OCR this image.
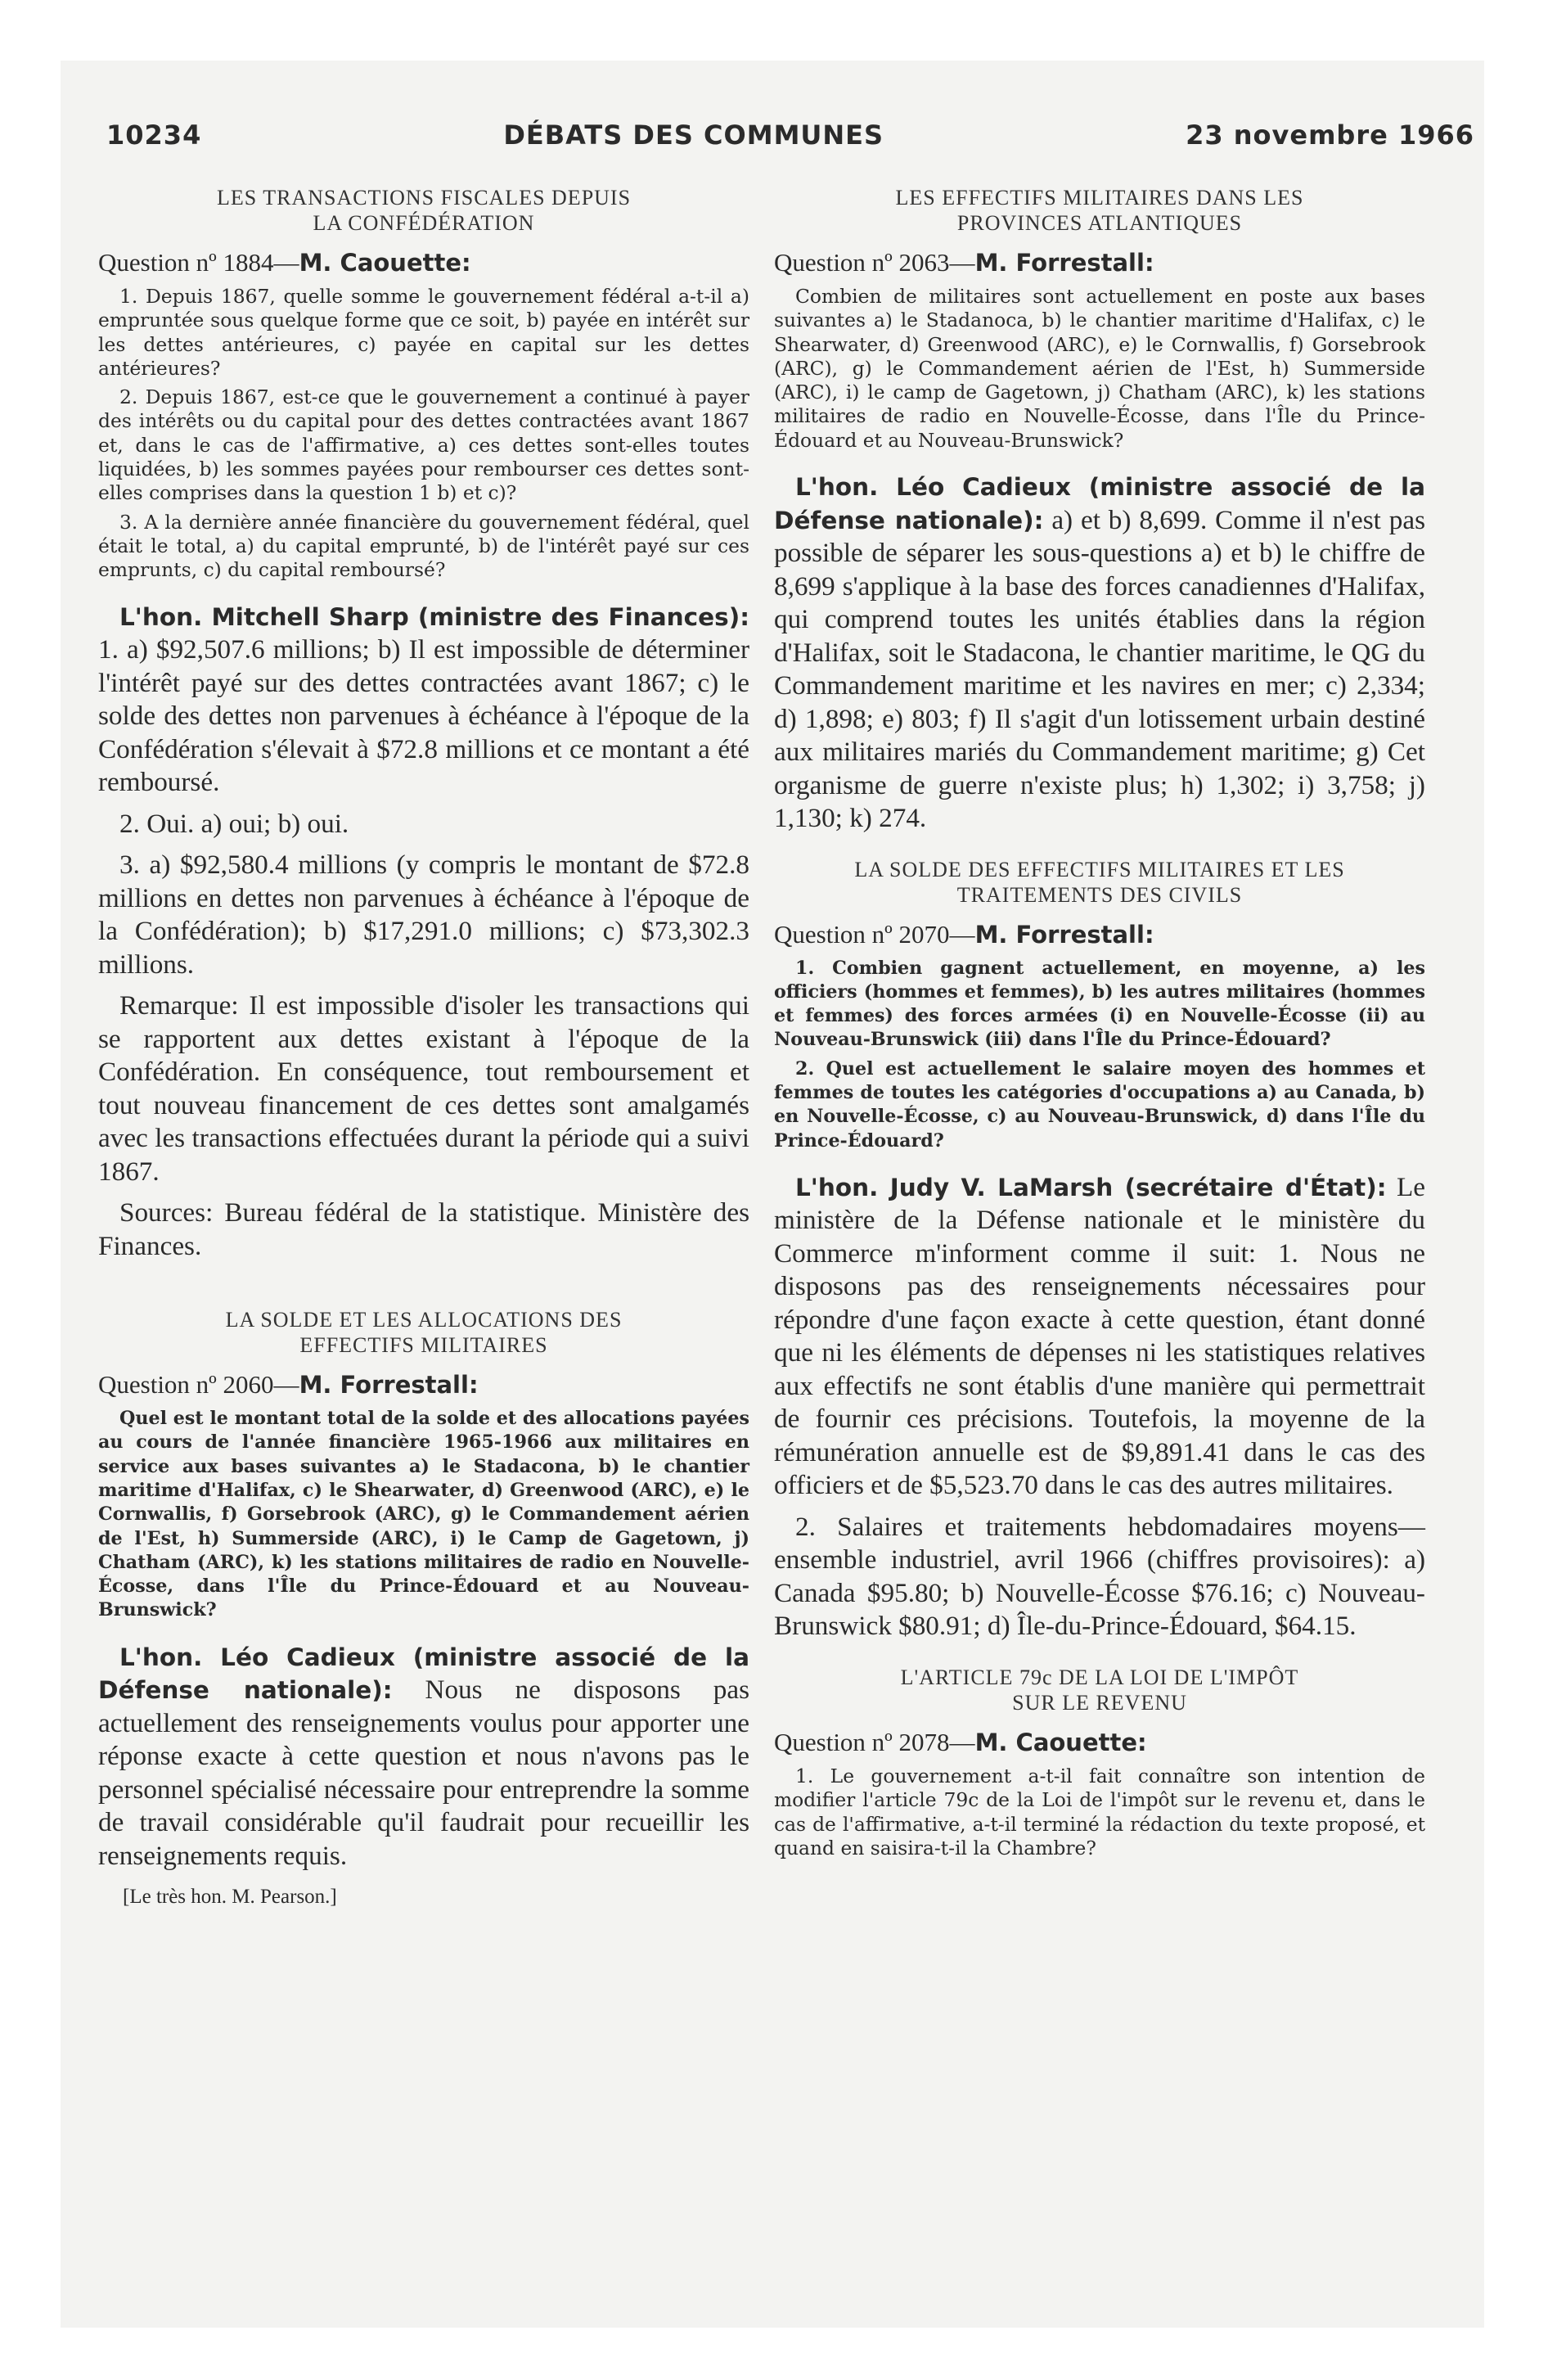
10234	DÉBATS DES COMMUNES	23 novembre 1966
LES TRANSACTIONS FISCALES DEPUIS
LA CONFÉDÉRATION
Question nº 1884—M. Caouette:

1. Depuis 1867, quelle somme le gouvernement fédéral a-t-il a) empruntée sous quelque forme que ce soit, b) payée en intérêt sur les dettes antérieures, c) payée en capital sur les dettes antérieures?

2. Depuis 1867, est-ce que le gouvernement a continué à payer des intérêts ou du capital pour des dettes contractées avant 1867 et, dans le cas de l'affirmative, a) ces dettes sont-elles toutes liquidées, b) les sommes payées pour rembourser ces dettes sont-elles comprises dans la question 1 b) et c)?

3. A la dernière année financière du gouvernement fédéral, quel était le total, a) du capital emprunté, b) de l'intérêt payé sur ces emprunts, c) du capital remboursé?

L'hon. Mitchell Sharp (ministre des Finances): 1. a) $92,507.6 millions; b) Il est impossible de déterminer l'intérêt payé sur des dettes contractées avant 1867; c) le solde des dettes non parvenues à échéance à l'époque de la Confédération s'élevait à $72.8 millions et ce montant a été remboursé.

2. Oui. a) oui; b) oui.

3. a) $92,580.4 millions (y compris le montant de $72.8 millions en dettes non parvenues à échéance à l'époque de la Confédération); b) $17,291.0 millions; c) $73,302.3 millions.

Remarque: Il est impossible d'isoler les transactions qui se rapportent aux dettes existant à l'époque de la Confédération. En conséquence, tout remboursement et tout nouveau financement de ces dettes sont amalgamés avec les transactions effectuées durant la période qui a suivi 1867.

Sources: Bureau fédéral de la statistique. Ministère des Finances.

LA SOLDE ET LES ALLOCATIONS DES
EFFECTIFS MILITAIRES
Question nº 2060—M. Forrestall:

Quel est le montant total de la solde et des allocations payées au cours de l'année financière 1965-1966 aux militaires en service aux bases suivantes a) le Stadacona, b) le chantier maritime d'Halifax, c) le Shearwater, d) Greenwood (ARC), e) le Cornwallis, f) Gorsebrook (ARC), g) le Commandement aérien de l'Est, h) Summerside (ARC), i) le Camp de Gagetown, j) Chatham (ARC), k) les stations militaires de radio en Nouvelle-Écosse, dans l'Île du Prince-Édouard et au Nouveau-Brunswick?

L'hon. Léo Cadieux (ministre associé de la Défense nationale): Nous ne disposons pas actuellement des renseignements voulus pour apporter une réponse exacte à cette question et nous n'avons pas le personnel spécialisé nécessaire pour entreprendre la somme de travail considérable qu'il faudrait pour recueillir les renseignements requis.

[Le très hon. M. Pearson.]
LES EFFECTIFS MILITAIRES DANS LES
PROVINCES ATLANTIQUES
Question nº 2063—M. Forrestall:

Combien de militaires sont actuellement en poste aux bases suivantes a) le Stadanoca, b) le chantier maritime d'Halifax, c) le Shearwater, d) Greenwood (ARC), e) le Cornwallis, f) Gorsebrook (ARC), g) le Commandement aérien de l'Est, h) Summerside (ARC), i) le camp de Gagetown, j) Chatham (ARC), k) les stations militaires de radio en Nouvelle-Écosse, dans l'Île du Prince-Édouard et au Nouveau-Brunswick?

L'hon. Léo Cadieux (ministre associé de la Défense nationale): a) et b) 8,699. Comme il n'est pas possible de séparer les sous-questions a) et b) le chiffre de 8,699 s'applique à la base des forces canadiennes d'Halifax, qui comprend toutes les unités établies dans la région d'Halifax, soit le Stadacona, le chantier maritime, le QG du Commandement maritime et les navires en mer; c) 2,334; d) 1,898; e) 803; f) Il s'agit d'un lotissement urbain destiné aux militaires mariés du Commandement maritime; g) Cet organisme de guerre n'existe plus; h) 1,302; i) 3,758; j) 1,130; k) 274.

LA SOLDE DES EFFECTIFS MILITAIRES ET LES
TRAITEMENTS DES CIVILS
Question nº 2070—M. Forrestall:

1. Combien gagnent actuellement, en moyenne, a) les officiers (hommes et femmes), b) les autres militaires (hommes et femmes) des forces armées (i) en Nouvelle-Écosse (ii) au Nouveau-Brunswick (iii) dans l'Île du Prince-Édouard?

2. Quel est actuellement le salaire moyen des hommes et femmes de toutes les catégories d'occupations a) au Canada, b) en Nouvelle-Écosse, c) au Nouveau-Brunswick, d) dans l'Île du Prince-Édouard?

L'hon. Judy V. LaMarsh (secrétaire d'État): Le ministère de la Défense nationale et le ministère du Commerce m'informent comme il suit: 1. Nous ne disposons pas des renseignements nécessaires pour répondre d'une façon exacte à cette question, étant donné que ni les éléments de dépenses ni les statistiques relatives aux effectifs ne sont établis d'une manière qui permettrait de fournir ces précisions. Toutefois, la moyenne de la rémunération annuelle est de $9,891.41 dans le cas des officiers et de $5,523.70 dans le cas des autres militaires.

2. Salaires et traitements hebdomadaires moyens—ensemble industriel, avril 1966 (chiffres provisoires): a) Canada $95.80; b) Nouvelle-Écosse $76.16; c) Nouveau-Brunswick $80.91; d) Île-du-Prince-Édouard, $64.15.

L'ARTICLE 79c DE LA LOI DE L'IMPÔT
SUR LE REVENU
Question nº 2078—M. Caouette:

1. Le gouvernement a-t-il fait connaître son intention de modifier l'article 79c de la Loi de l'impôt sur le revenu et, dans le cas de l'affirmative, a-t-il terminé la rédaction du texte proposé, et quand en saisira-t-il la Chambre?
